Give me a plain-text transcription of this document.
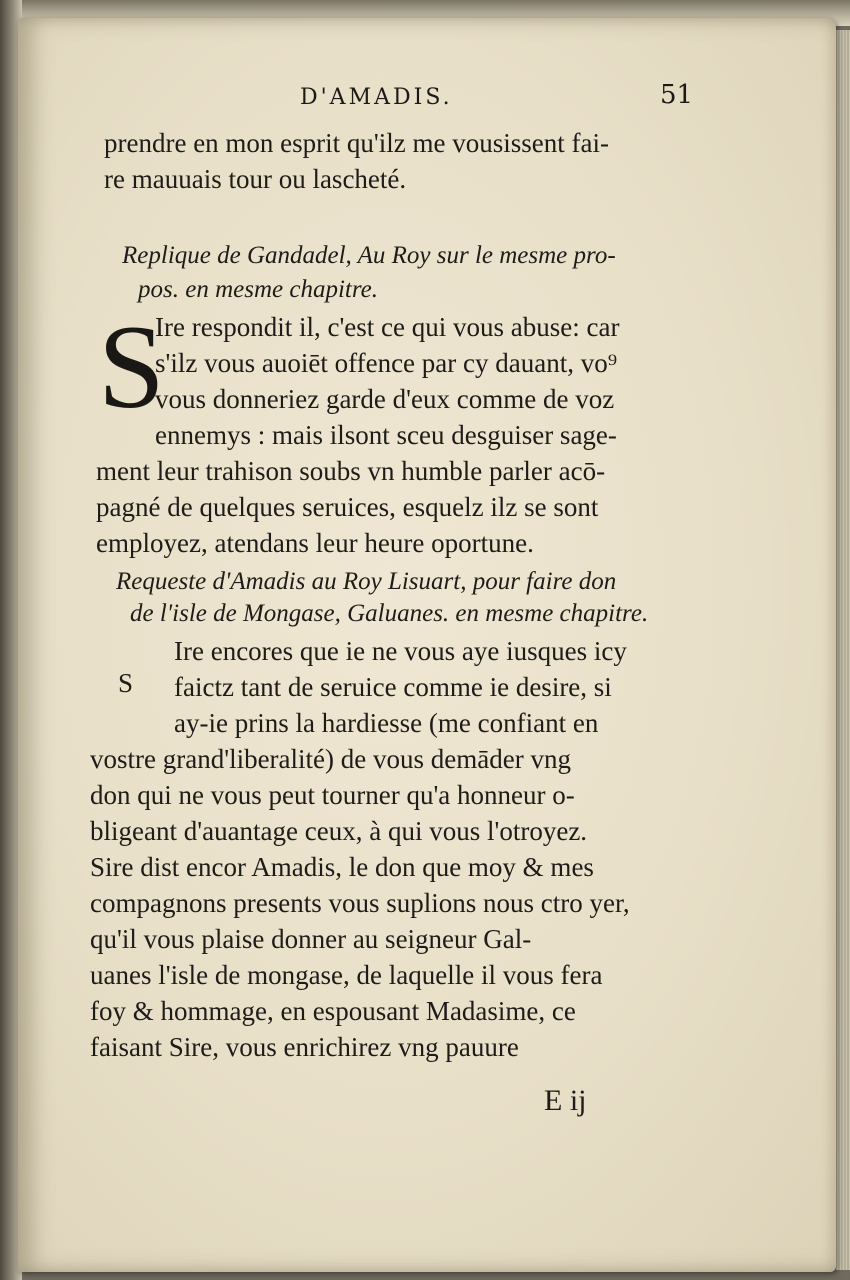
D'AMADIS.	51
prendre en mon esprit qu'ilz me vousissent fai-
re mauuais tour ou lascheté.
Replique de Gandadel, Au Roy sur le mesme pro-
pos. en mesme chapitre.
S
Ire respondit il, c'est ce qui vous abuse: car
s'ilz vous auoiēt offence par cy dauant, vo⁹
vous donneriez garde d'eux comme de voz
ennemys : mais ilsont sceu desguiser sage-
ment leur trahison soubs vn humble parler acō-
pagné de quelques seruices, esquelz ilz se sont
employez, atendans leur heure oportune.
Requeste d'Amadis au Roy Lisuart, pour faire don
de l'isle de Mongase, Galuanes. en mesme chapitre.
S
Ire encores que ie ne vous aye iusques icy
faictz tant de seruice comme ie desire, si
ay-ie prins la hardiesse (me confiant en
vostre grand'liberalité) de vous demāder vng
don qui ne vous peut tourner qu'a honneur o-
bligeant d'auantage ceux, à qui vous l'otroyez.
Sire dist encor Amadis, le don que moy & mes
compagnons presents vous suplions nous ctro yer,
qu'il vous plaise donner au seigneur Gal-
uanes l'isle de mongase, de laquelle il vous fera
foy & hommage, en espousant Madasime, ce
faisant Sire, vous enrichirez vng pauure
E ij
